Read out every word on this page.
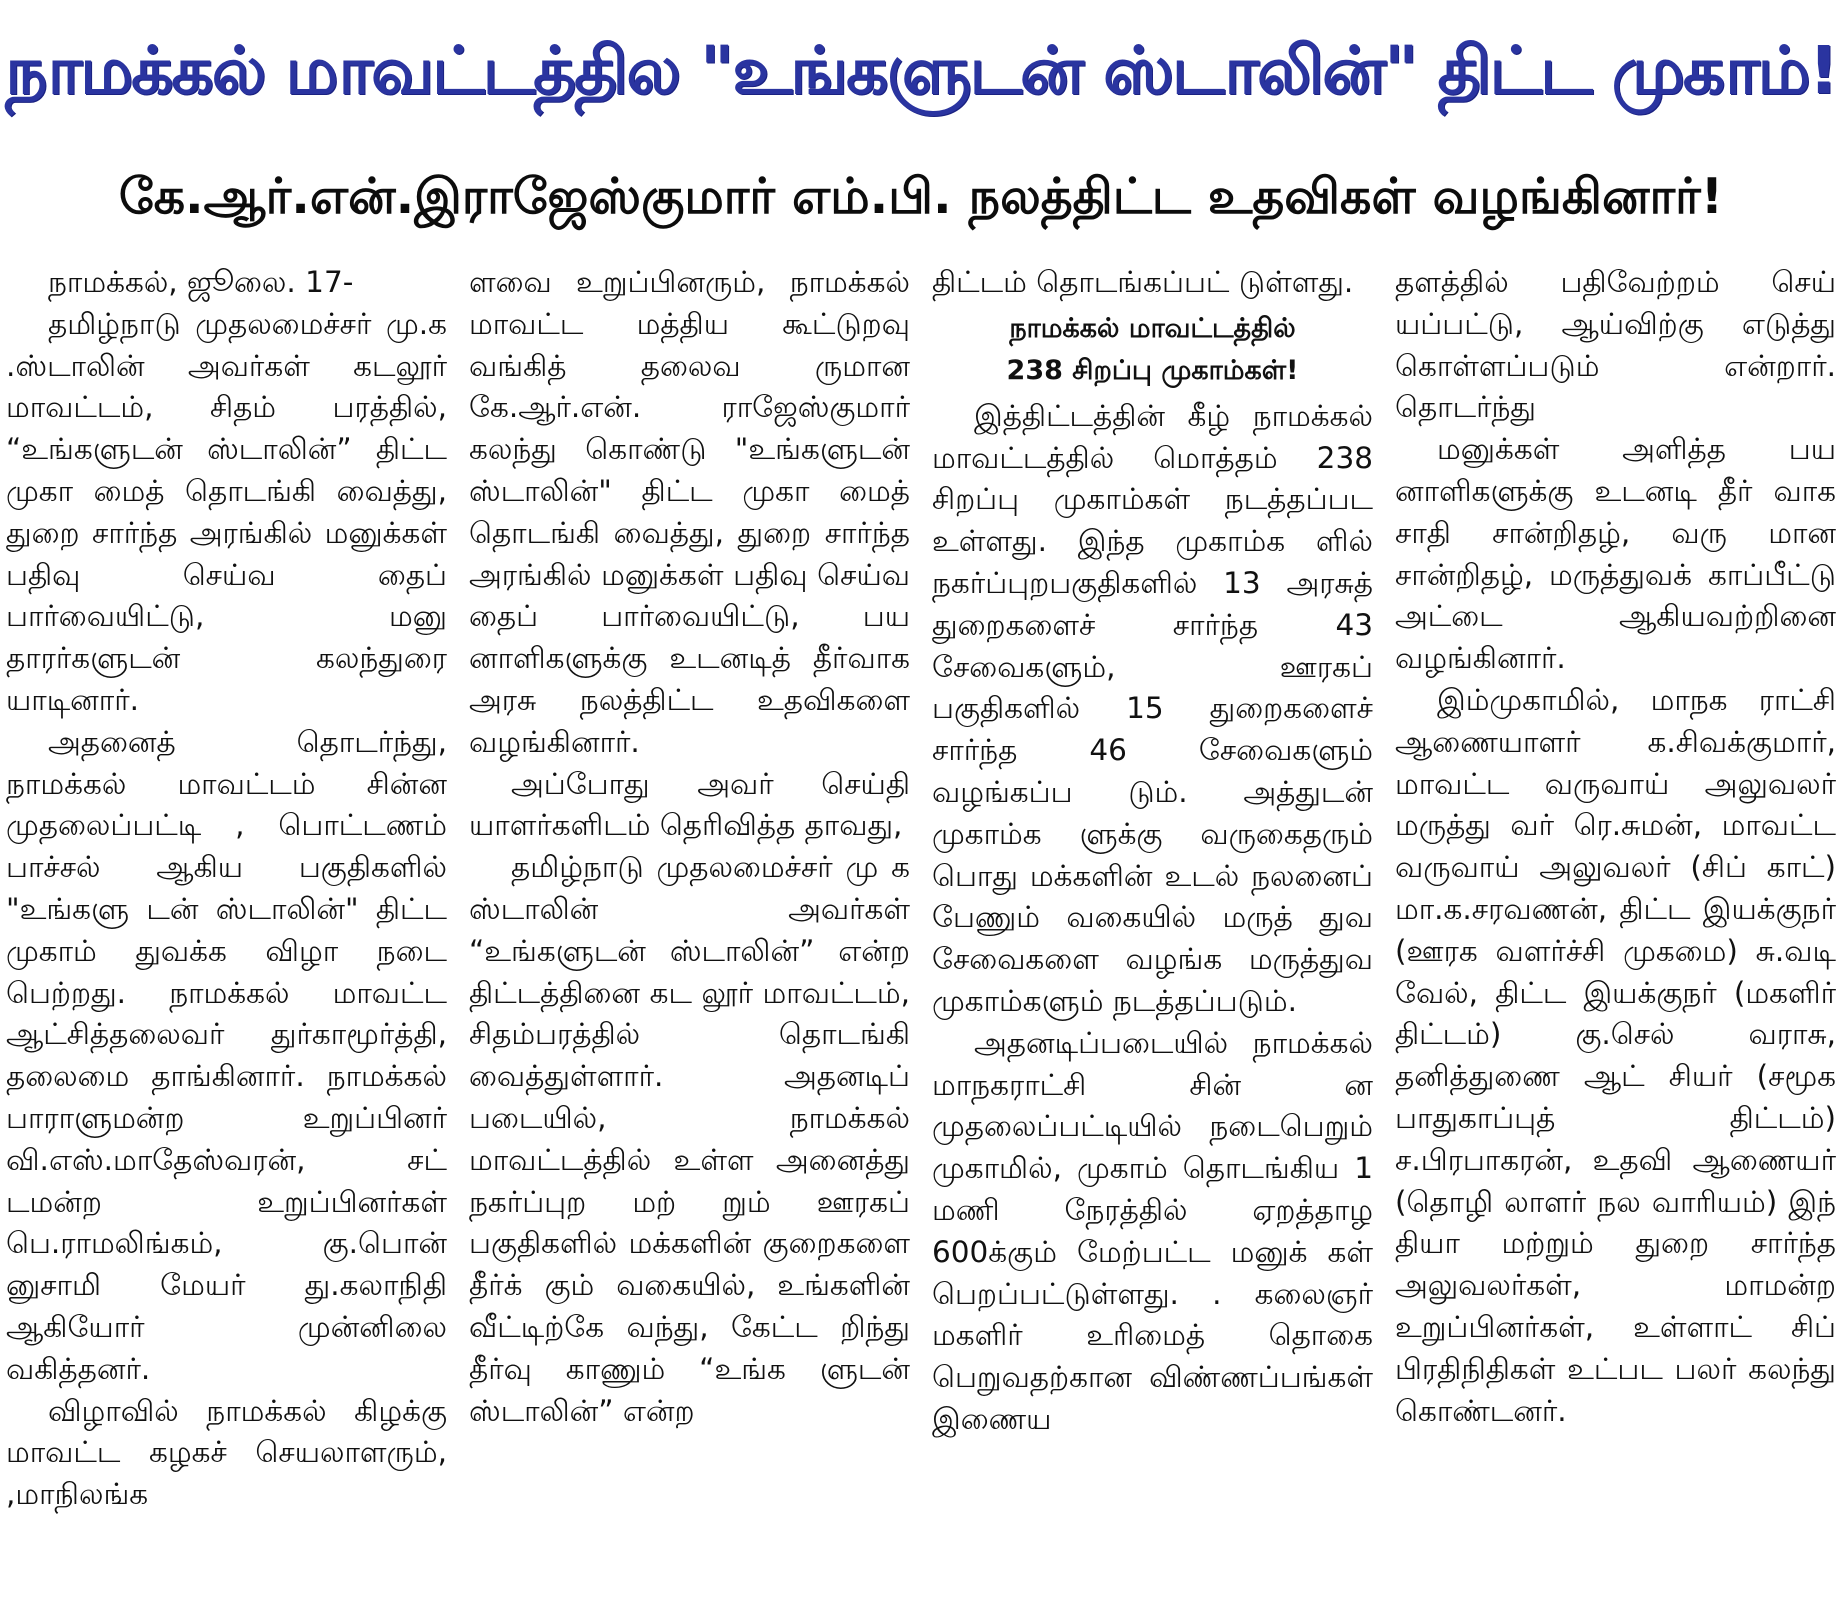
நாமக்கல் மாவட்டத்தில "உங்களுடன் ஸ்டாலின்" திட்ட முகாம்!
கே.ஆர்.என்.இராஜேஸ்குமார் எம்.பி. நலத்திட்ட உதவிகள் வழங்கினார்!

நாமக்கல், ஜூலை. 17-

தமிழ்நாடு முதலமைச்சர் மு.க .ஸ்டாலின் அவர்கள் கடலூர் மாவட்டம், சிதம் பரத்தில், “உங்களுடன் ஸ்டாலின்” திட்ட முகா மைத் தொடங்கி வைத்து, துறை சார்ந்த அரங்கில் மனுக்கள் பதிவு செய்வ தைப் பார்வையிட்டு, மனு தாரர்களுடன் கலந்துரை யாடினார்.

அதனைத் தொடர்ந்து, நாமக்கல் மாவட்டம் சின்ன முதலைப்பட்டி , பொட்டணம் பாச்சல் ஆகிய பகுதிகளில் "உங்களு டன் ஸ்டாலின்" திட்ட முகாம் துவக்க விழா நடை பெற்றது. நாமக்கல் மாவட்ட ஆட்சித்தலைவர் துர்காமூர்த்தி, தலைமை தாங்கினார். நாமக்கல் பாராளுமன்ற உறுப்பினர் வி.எஸ்.மாதேஸ்வரன், சட் டமன்ற உறுப்பினர்கள் பெ.ராமலிங்கம், கு.பொன் னுசாமி மேயர் து.கலாநிதி ஆகியோர் முன்னிலை வகித்தனர்.

விழாவில் நாமக்கல் கிழக்கு மாவட்ட கழகச் செயலாளரும், ,மாநிலங்க

ளவை உறுப்பினரும், நாமக்கல் மாவட்ட மத்திய கூட்டுறவு வங்கித் தலைவ ருமான கே.ஆர்.என். ராஜேஸ்குமார் கலந்து கொண்டு "உங்களுடன் ஸ்டாலின்" திட்ட முகா மைத் தொடங்கி வைத்து, துறை சார்ந்த அரங்கில் மனுக்கள் பதிவு செய்வ தைப் பார்வையிட்டு, பய னாளிகளுக்கு உடனடித் தீர்வாக அரசு நலத்திட்ட உதவிகளை வழங்கினார்.

அப்போது அவர் செய்தி யாளர்களிடம் தெரிவித்த தாவது,

தமிழ்நாடு முதலமைச்சர் மு க ஸ்டாலின் அவர்கள் “உங்களுடன் ஸ்டாலின்” என்ற திட்டத்தினை கட லூர் மாவட்டம், சிதம்பரத்தில் தொடங்கி வைத்துள்ளார். அதனடிப் படையில், நாமக்கல் மாவட்டத்தில் உள்ள அனைத்து நகர்ப்புற மற் றும் ஊரகப் பகுதிகளில் மக்களின் குறைகளை தீர்க் கும் வகையில், உங்களின் வீட்டிற்கே வந்து, கேட்ட றிந்து தீர்வு காணும் “உங்க ளுடன் ஸ்டாலின்” என்ற

திட்டம் தொடங்கப்பட் டுள்ளது.

நாமக்கல் மாவட்டத்தில்
238 சிறப்பு முகாம்கள்!

இத்திட்டத்தின் கீழ் நாமக்கல் மாவட்டத்தில் மொத்தம் 238 சிறப்பு முகாம்கள் நடத்தப்பட உள்ளது. இந்த முகாம்க ளில் நகர்ப்புறபகுதிகளில் 13 அரசுத் துறைகளைச் சார்ந்த 43 சேவைகளும், ஊரகப் பகுதிகளில் 15 துறைகளைச் சார்ந்த 46 சேவைகளும் வழங்கப்ப டும். அத்துடன் முகாம்க ளுக்கு வருகைதரும் பொது மக்களின் உடல் நலனைப் பேணும் வகையில் மருத் துவ சேவைகளை வழங்க மருத்துவ முகாம்களும் நடத்தப்படும்.

அதனடிப்படையில் நாமக்கல் மாநகராட்சி சின் ன முதலைப்பட்டியில் நடைபெறும் முகாமில், முகாம் தொடங்கிய 1 மணி நேரத்தில் ஏறத்தாழ 600க்கும் மேற்பட்ட மனுக் கள் பெறப்பட்டுள்ளது. . கலைஞர் மகளிர் உரிமைத் தொகை பெறுவதற்கான விண்ணப்பங்கள் இணைய

தளத்தில் பதிவேற்றம் செய் யப்பட்டு, ஆய்விற்கு எடுத்து கொள்ளப்படும் என்றார். தொடர்ந்து

மனுக்கள் அளித்த பய னாளிகளுக்கு உடனடி தீர் வாக சாதி சான்றிதழ், வரு மான சான்றிதழ், மருத்துவக் காப்பீட்டு அட்டை ஆகியவற்றினை வழங்கினார்.

இம்முகாமில், மாநக ராட்சி ஆணையாளர் க.சிவக்குமார், மாவட்ட வருவாய் அலுவலர் மருத்து வர் ரெ.சுமன், மாவட்ட வருவாய் அலுவலர் (சிப் காட்) மா.க.சரவணன், திட்ட இயக்குநர் (ஊரக வளர்ச்சி முகமை) சு.வடி வேல், திட்ட இயக்குநர் (மகளிர் திட்டம்) கு.செல் வராசு, தனித்துணை ஆட் சியர் (சமூக பாதுகாப்புத் திட்டம்) ச.பிரபாகரன், உதவி ஆணையர் (தொழி லாளர் நல வாரியம்) இந் தியா மற்றும் துறை சார்ந்த அலுவலர்கள், மாமன்ற உறுப்பினர்கள், உள்ளாட் சிப் பிரதிநிதிகள் உட்பட பலர் கலந்து கொண்டனர்.
